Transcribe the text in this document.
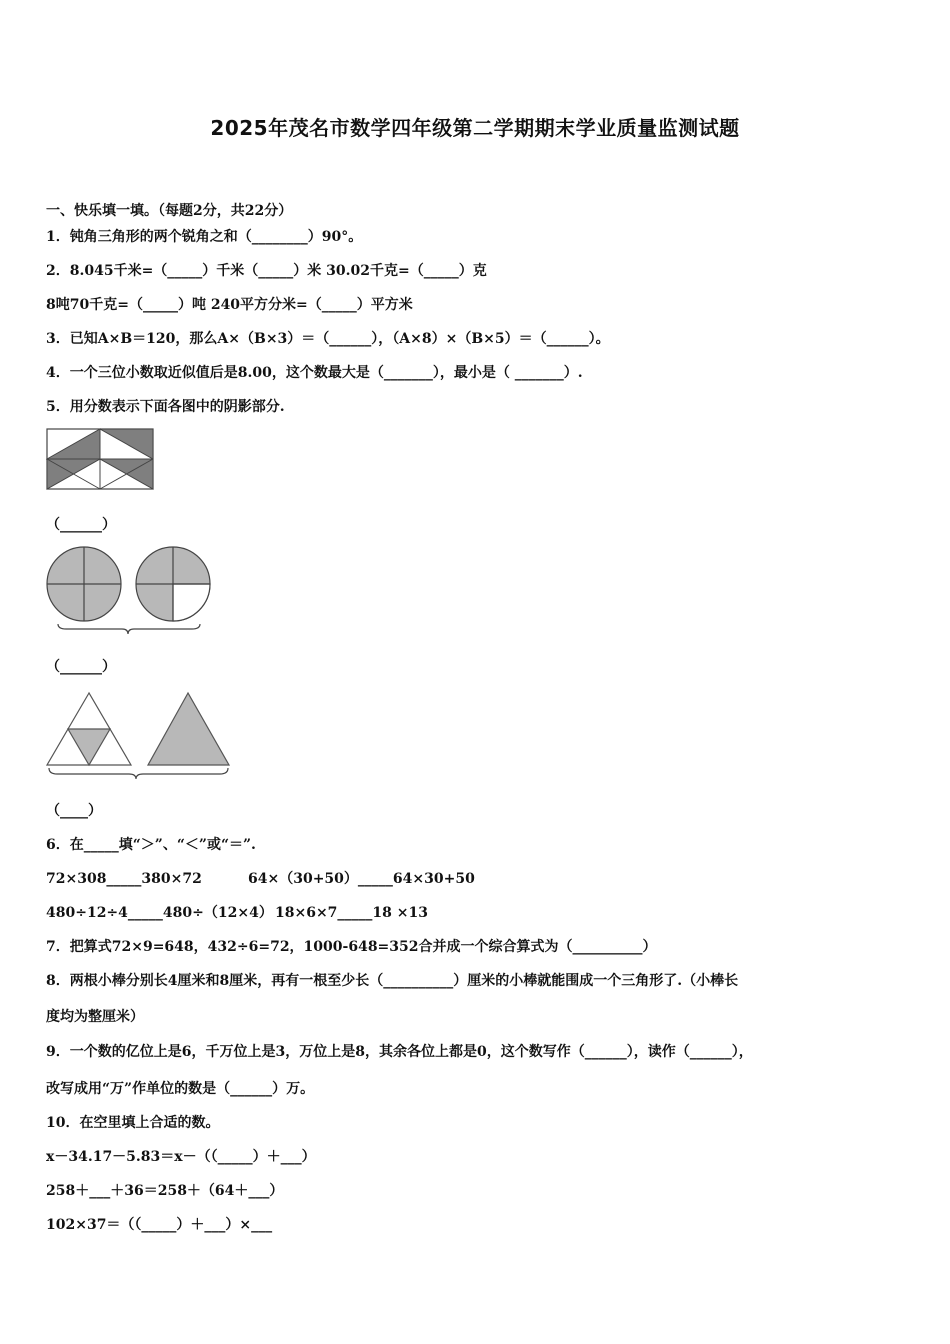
2025年茂名市数学四年级第二学期期末学业质量监测试题
一、快乐填一填。（每题2分，共22分）
1．钝角三角形的两个锐角之和（________）90°。
2．8.045千米=（_____）千米（_____）米 30.02千克=（_____）克
8吨70千克=（_____）吨 240平方分米=（_____）平方米
3．已知A×B＝120，那么A×（B×3）＝（______），（A×8）×（B×5）＝（______）。
4．一个三位小数取近似值后是8.00，这个数最大是（_______），最小是（ _______）.
5．用分数表示下面各图中的阴影部分.
（______）
（______）
（____）
6．在_____填“＞”、“＜”或“＝”.
72×308_____380×72	64×（30+50）_____64×30+50
480÷12÷4_____480÷（12×4） 18×6×7_____18 ×13
7．把算式72×9=648，432÷6=72，1000-648=352合并成一个综合算式为（__________）
8．两根小棒分别长4厘米和8厘米，再有一根至少长（__________）厘米的小棒就能围成一个三角形了.（小棒长
度均为整厘米）
9．一个数的亿位上是6，千万位上是3，万位上是8，其余各位上都是0，这个数写作（______），读作（______），
改写成用“万”作单位的数是（______）万。
10．在空里填上合适的数。
x－34.17－5.83＝x－（（_____）＋___）
258＋___＋36＝258＋（64＋___）
102×37＝（（_____）＋___）×___
